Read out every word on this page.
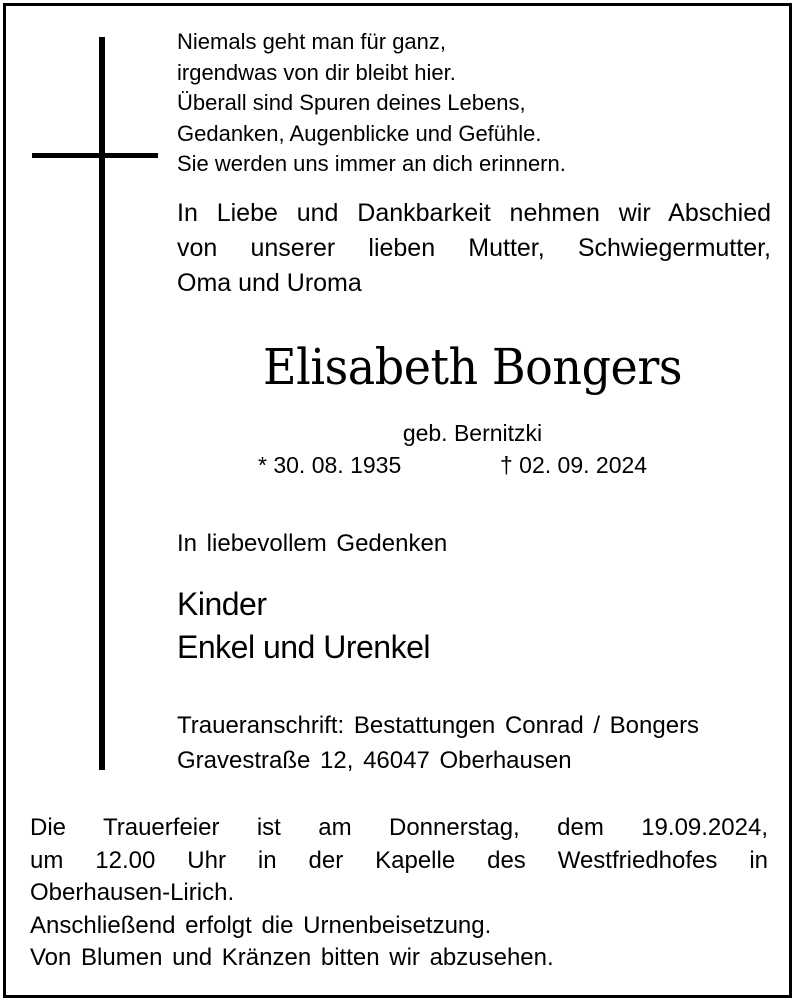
Niemals geht man für ganz,
irgendwas von dir bleibt hier.
Überall sind Spuren deines Lebens,
Gedanken, Augenblicke und Gefühle.
Sie werden uns immer an dich erinnern.
In Liebe und Dankbarkeit nehmen wir Abschied
von unserer lieben Mutter, Schwiegermutter,
Oma und Uroma
Elisabeth Bongers
geb. Bernitzki
* 30. 08. 1935	† 02. 09. 2024
In liebevollem Gedenken
Kinder
Enkel und Urenkel
Traueranschrift: Bestattungen Conrad / Bongers
Gravestraße 12, 46047 Oberhausen
Die Trauerfeier ist am Donnerstag, dem 19.09.2024,
um 12.00 Uhr in der Kapelle des Westfriedhofes in
Oberhausen-Lirich.
Anschließend erfolgt die Urnenbeisetzung.
Von Blumen und Kränzen bitten wir abzusehen.
